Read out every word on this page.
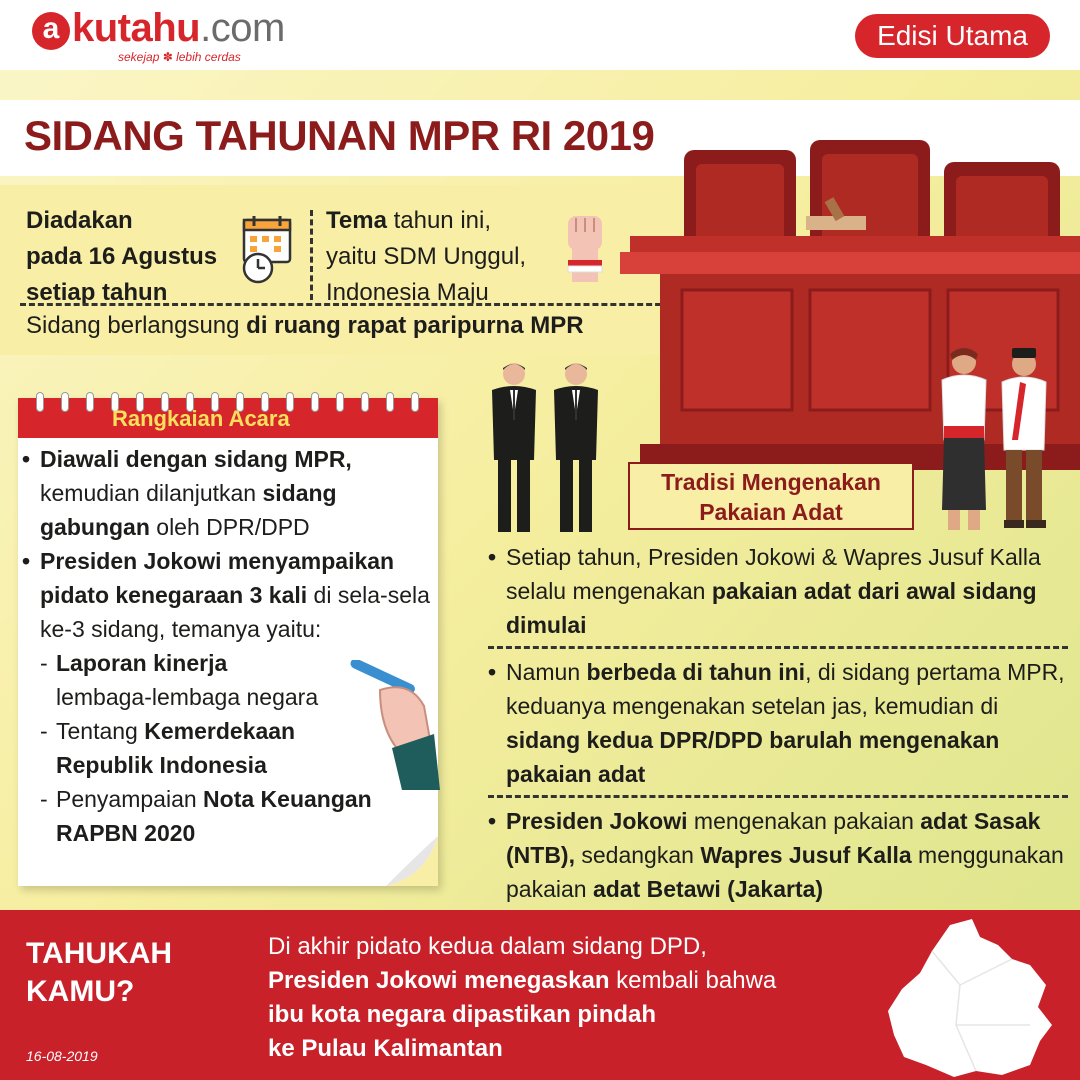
a kutahu.com
sekejap ✽ lebih cerdas
Edisi Utama
SIDANG TAHUNAN MPR RI 2019
Diadakan
pada 16 Agustus
setiap tahun
Tema tahun ini,
yaitu SDM Unggul,
Indonesia Maju
Sidang berlangsung di ruang rapat paripurna MPR
Rangkaian Acara
• Diawali dengan sidang MPR, kemudian dilanjutkan sidang gabungan oleh DPR/DPD
• Presiden Jokowi menyampaikan pidato kenegaraan 3 kali di sela-sela ke-3 sidang, temanya yaitu:
- Laporan kinerja
lembaga-lembaga negara
- Tentang Kemerdekaan Republik Indonesia
- Penyampaian Nota Keuangan RAPBN 2020
Tradisi Mengenakan
Pakaian Adat
• Setiap tahun, Presiden Jokowi & Wapres Jusuf Kalla selalu mengenakan pakaian adat dari awal sidang dimulai
• Namun berbeda di tahun ini, di sidang pertama MPR, keduanya mengenakan setelan jas, kemudian di sidang kedua DPR/DPD barulah mengenakan pakaian adat
• Presiden Jokowi mengenakan pakaian adat Sasak (NTB), sedangkan Wapres Jusuf Kalla menggunakan pakaian adat Betawi (Jakarta)
TAHUKAH
KAMU?
Di akhir pidato kedua dalam sidang DPD,
Presiden Jokowi menegaskan kembali bahwa
ibu kota negara dipastikan pindah
ke Pulau Kalimantan
16-08-2019
